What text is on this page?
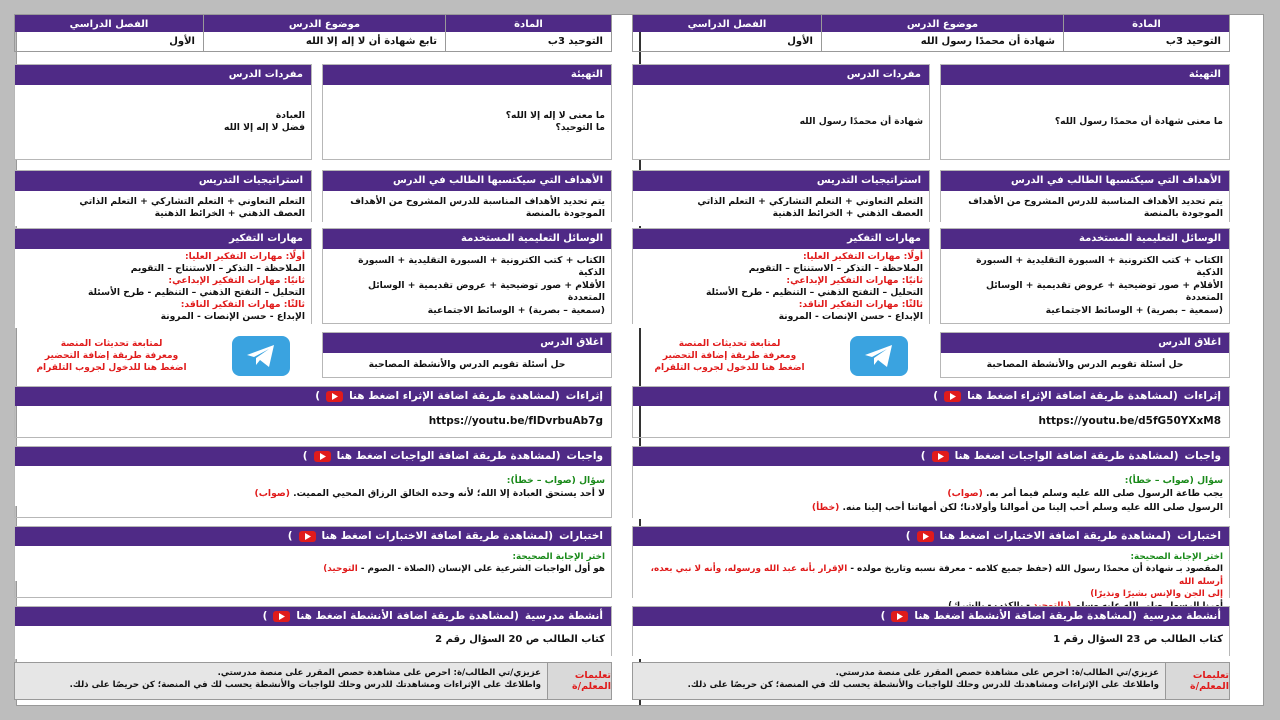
المادة
التوحيد 3ب
موضوع الدرس
شهادة أن محمدًا رسول الله
الفصل الدراسي
الأول
التهيئة
ما معنى شهادة أن محمدًا رسول الله؟
مفردات الدرس
شهادة أن محمدًا رسول الله
الأهداف التي سيكتسبها الطالب في الدرس
يتم تحديد الأهداف المناسبة للدرس المشروح من الأهداف الموجودة بالمنصة
استراتيجيات التدريس
التعلم التعاوني + التعلم التشاركي + التعلم الذاتي
العصف الذهني + الخرائط الذهنية
الوسائل التعليمية المستخدمة
الكتاب + كتب الكترونية + السبورة التقليدية + السبورة الذكية
الأقلام + صور توضيحية + عروض تقديمية + الوسائل المتعددة
(سمعية – بصرية) + الوسائط الاجتماعية
مهارات التفكير
أولًا: مهارات التفكير العليا:
الملاحظة – التذكر – الاستنتاج – التقويم
ثانيًا: مهارات التفكير الإبداعي:
التحليل – التفتح الذهني – التنظيم - طرح الأسئلة
ثالثًا: مهارات التفكير الناقد:
الإبداع - حسن الإنصات - المرونة
اغلاق الدرس
حل أسئلة تقويم الدرس والأنشطة المصاحبة
لمتابعة تحديثات المنصة
ومعرفة طريقة إضافة التحضير
اضغط هنا للدخول لجروب التلقرام
إثراءات
(لمشاهدة طريقة اضافة الإثراء اضغط هنا
)
https://youtu.be/d5fG50YXxM8
واجبات
(لمشاهدة طريقة اضافة الواجبات اضغط هنا
)
سؤال (صواب – خطأ):
يجب طاعة الرسول صلى الله عليه وسلم فيما أمر به. (صواب)
الرسول صلى الله عليه وسلم أحب إلينا من أموالنا وأولادنا؛ لكن أمهاتنا أحب إلينا منه. (خطأ)
اختبارات
(لمشاهدة طريقة اضافة الاختبارات اضغط هنا
)
اختر الإجابة الصحيحة:
المقصود بـ شهادة أن محمدًا رسول الله (حفظ جميع كلامه - معرفة نسبه وتاريخ مولده - الإقرار بأنه عبد الله ورسوله، وأنه لا نبي بعده، أرسله الله
إلى الجن والإنس بشيرًا ونذيرًا)
أنشطة مدرسية
(لمشاهدة طريقة اضافة الأنشطة اضغط هنا
)
كتاب الطالب ص 23 السؤال رقم 1
تعليمات المعلم/ة
عزيزي/تي الطالب/ة: احرص على مشاهدة حصص المقرر على منصة مدرستي.
واطلاعك على الإثراءات ومشاهدتك للدرس وحلك للواجبات والأنشطة يحسب لك في المنصة؛ كن حريصًا على ذلك.
المادة
التوحيد 3ب
موضوع الدرس
تابع شهادة أن لا إله إلا الله
الفصل الدراسي
الأول
التهيئة
ما معنى لا إله إلا الله؟
ما التوحيد؟
مفردات الدرس
العبادة
فضل لا إله إلا الله
الأهداف التي سيكتسبها الطالب في الدرس
يتم تحديد الأهداف المناسبة للدرس المشروح من الأهداف الموجودة بالمنصة
استراتيجيات التدريس
التعلم التعاوني + التعلم التشاركي + التعلم الذاتي
العصف الذهني + الخرائط الذهنية
الوسائل التعليمية المستخدمة
الكتاب + كتب الكترونية + السبورة التقليدية + السبورة الذكية
الأقلام + صور توضيحية + عروض تقديمية + الوسائل المتعددة
(سمعية – بصرية) + الوسائط الاجتماعية
مهارات التفكير
أولًا: مهارات التفكير العليا:
الملاحظة – التذكر – الاستنتاج – التقويم
ثانيًا: مهارات التفكير الإبداعي:
التحليل – التفتح الذهني – التنظيم - طرح الأسئلة
ثالثًا: مهارات التفكير الناقد:
الإبداع - حسن الإنصات - المرونة
اغلاق الدرس
حل أسئلة تقويم الدرس والأنشطة المصاحبة
لمتابعة تحديثات المنصة
ومعرفة طريقة إضافة التحضير
اضغط هنا للدخول لجروب التلقرام
إثراءات
(لمشاهدة طريقة اضافة الإثراء اضغط هنا
)
https://youtu.be/fIDvrbuAb7g
واجبات
(لمشاهدة طريقة اضافة الواجبات اضغط هنا
)
سؤال (صواب – خطأ):
لا أحد يستحق العبادة إلا الله؛ لأنه وحده الخالق الرزاق المحيي المميت. (صواب)
اختبارات
(لمشاهدة طريقة اضافة الاختبارات اضغط هنا
)
اختر الإجابة الصحيحة:
هو أول الواجبات الشرعية على الإنسان (الصلاة - الصوم - التوحيد)
أنشطة مدرسية
(لمشاهدة طريقة اضافة الأنشطة اضغط هنا
)
كتاب الطالب ص 20 السؤال رقم 2
تعليمات المعلم/ة
عزيزي/تي الطالب/ة: احرص على مشاهدة حصص المقرر على منصة مدرستي.
واطلاعك على الإثراءات ومشاهدتك للدرس وحلك للواجبات والأنشطة يحسب لك في المنصة؛ كن حريصًا على ذلك.
